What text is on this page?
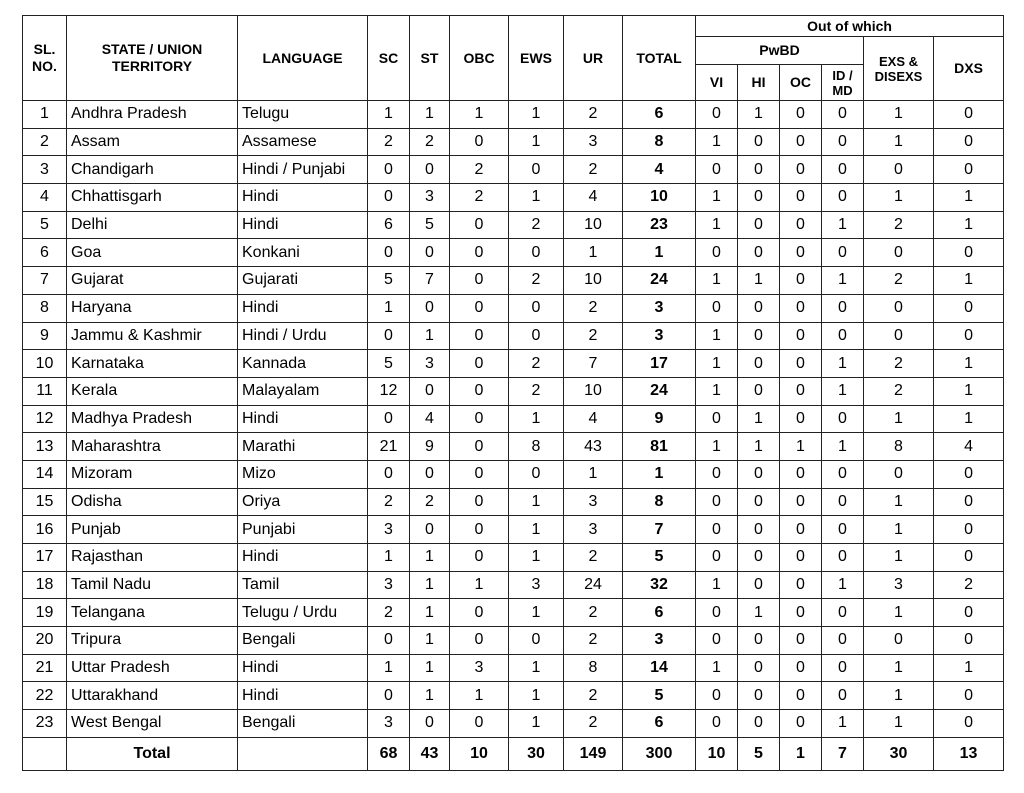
SL. NO.	STATE / UNION TERRITORY	LANGUAGE	SC	ST	OBC	EWS	UR	TOTAL	Out of which					
									PwBD				EXS & DISEXS	DXS
									VI	HI	OC	ID / MD		
1	Andhra Pradesh	Telugu	1	1	1	1	2	6	0	1	0	0	1	0
2	Assam	Assamese	2	2	0	1	3	8	1	0	0	0	1	0
3	Chandigarh	Hindi / Punjabi	0	0	2	0	2	4	0	0	0	0	0	0
4	Chhattisgarh	Hindi	0	3	2	1	4	10	1	0	0	0	1	1
5	Delhi	Hindi	6	5	0	2	10	23	1	0	0	1	2	1
6	Goa	Konkani	0	0	0	0	1	1	0	0	0	0	0	0
7	Gujarat	Gujarati	5	7	0	2	10	24	1	1	0	1	2	1
8	Haryana	Hindi	1	0	0	0	2	3	0	0	0	0	0	0
9	Jammu & Kashmir	Hindi / Urdu	0	1	0	0	2	3	1	0	0	0	0	0
10	Karnataka	Kannada	5	3	0	2	7	17	1	0	0	1	2	1
11	Kerala	Malayalam	12	0	0	2	10	24	1	0	0	1	2	1
12	Madhya Pradesh	Hindi	0	4	0	1	4	9	0	1	0	0	1	1
13	Maharashtra	Marathi	21	9	0	8	43	81	1	1	1	1	8	4
14	Mizoram	Mizo	0	0	0	0	1	1	0	0	0	0	0	0
15	Odisha	Oriya	2	2	0	1	3	8	0	0	0	0	1	0
16	Punjab	Punjabi	3	0	0	1	3	7	0	0	0	0	1	0
17	Rajasthan	Hindi	1	1	0	1	2	5	0	0	0	0	1	0
18	Tamil Nadu	Tamil	3	1	1	3	24	32	1	0	0	1	3	2
19	Telangana	Telugu / Urdu	2	1	0	1	2	6	0	1	0	0	1	0
20	Tripura	Bengali	0	1	0	0	2	3	0	0	0	0	0	0
21	Uttar Pradesh	Hindi	1	1	3	1	8	14	1	0	0	0	1	1
22	Uttarakhand	Hindi	0	1	1	1	2	5	0	0	0	0	1	0
23	West Bengal	Bengali	3	0	0	1	2	6	0	0	0	1	1	0
	Total		68	43	10	30	149	300	10	5	1	7	30	13
